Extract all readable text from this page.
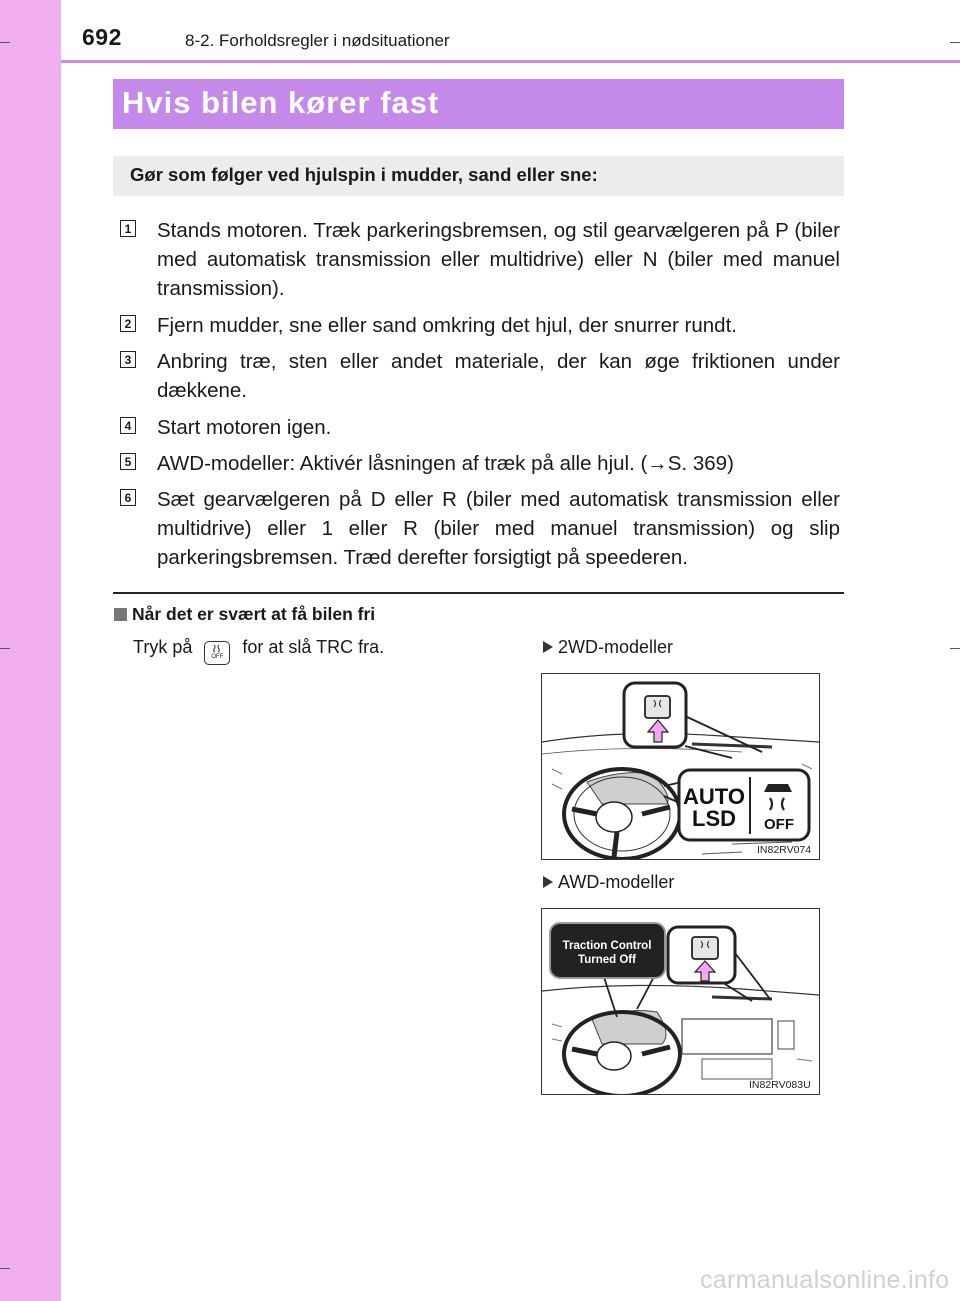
692	8-2. Forholdsregler i nødsituationer
Hvis bilen kører fast
Gør som følger ved hjulspin i mudder, sand eller sne:
1 Stands motoren. Træk parkeringsbremsen, og stil gearvælgeren på P (biler med automatisk transmission eller multidrive) eller N (biler med manuel transmission).
2 Fjern mudder, sne eller sand omkring det hjul, der snurrer rundt.
3 Anbring træ, sten eller andet materiale, der kan øge friktionen under dækkene.
4 Start motoren igen.
5 AWD-modeller: Aktivér låsningen af træk på alle hjul. (→S. 369)
6 Sæt gearvælgeren på D eller R (biler med automatisk transmission eller multidrive) eller 1 eller R (biler med manuel transmission) og slip parkeringsbremsen. Træd derefter forsigtigt på speederen.
Når det er svært at få bilen fri
Tryk på	OFF for at slå TRC fra.	2WD-modeller
AUTO
LSD OFF
IN82RV074
AWD-modeller
Traction Control
Turned Off
IN82RV083U
carmanualsonline.info
